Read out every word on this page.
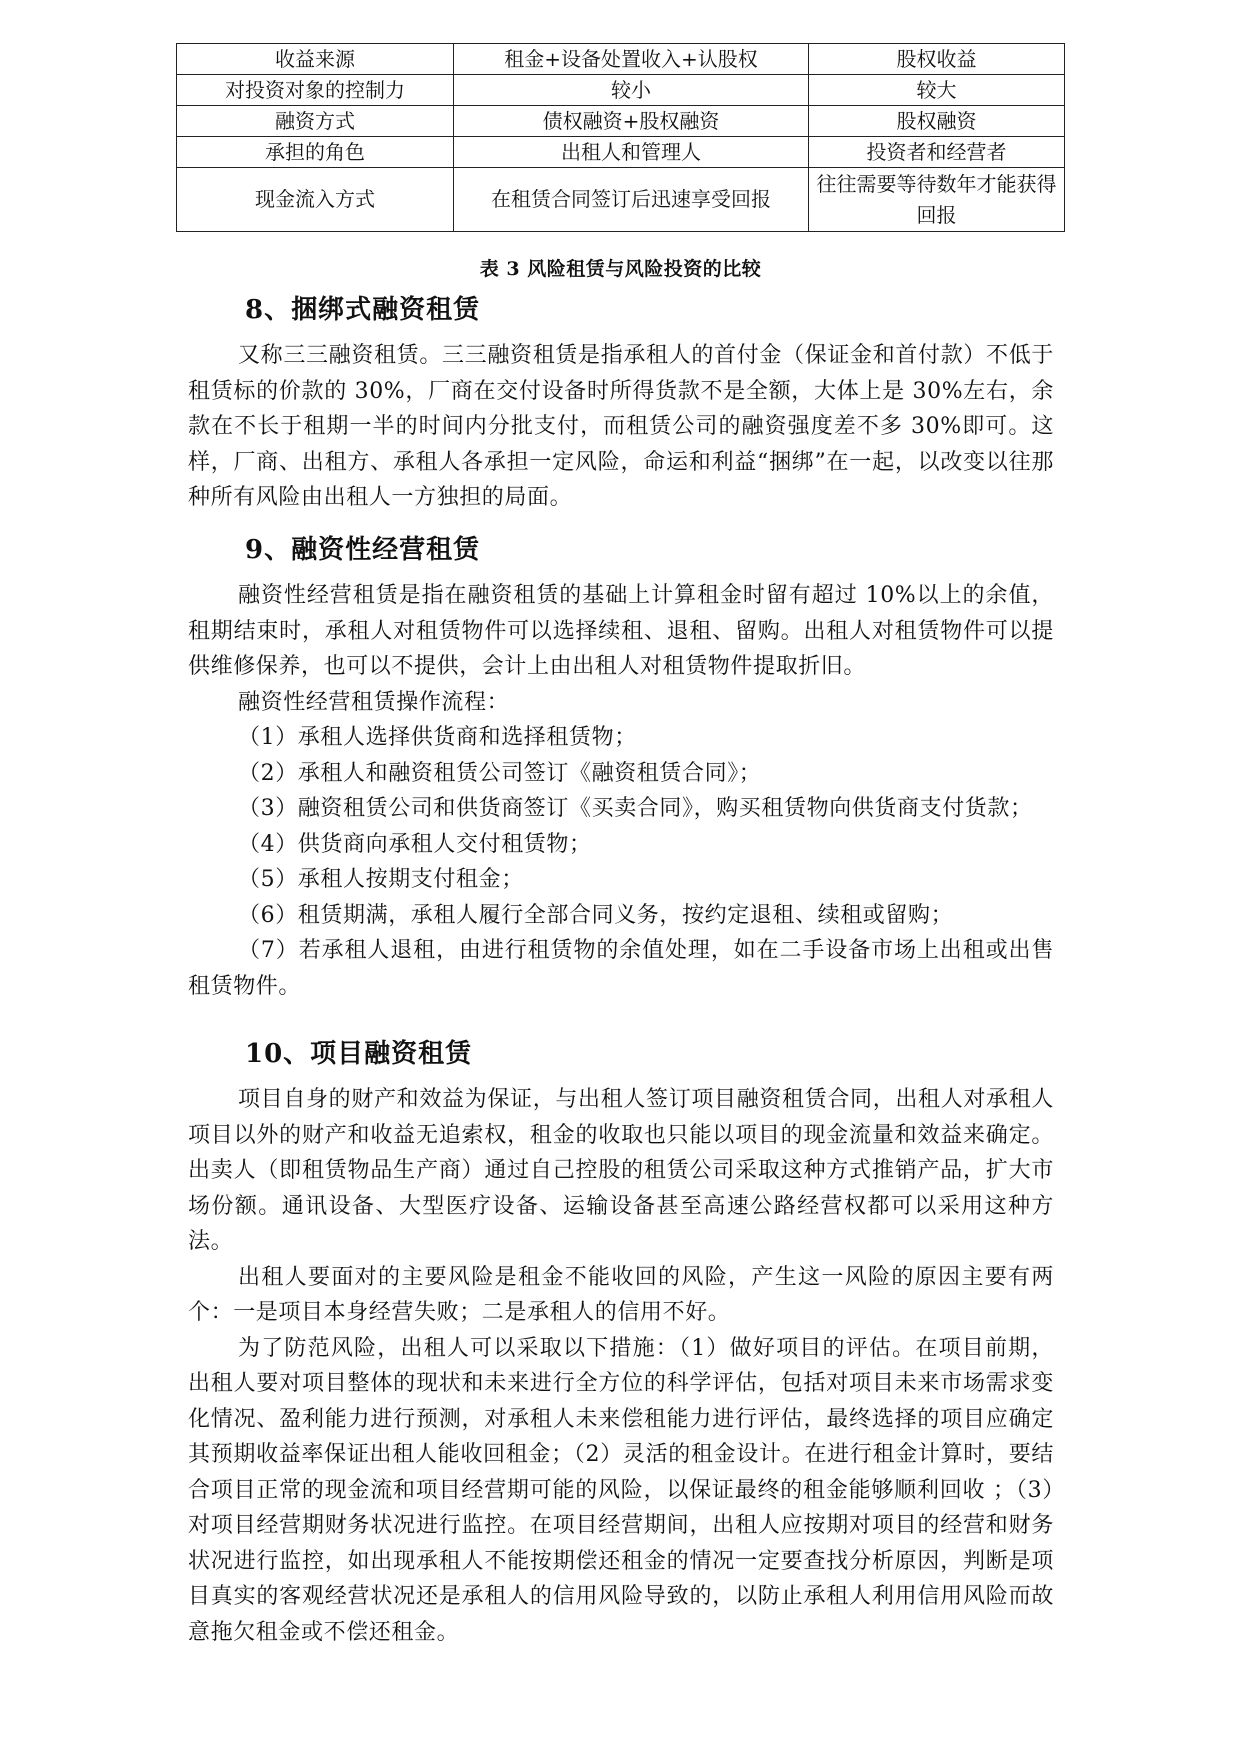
收益来源	租金+设备处置收入+认股权	股权收益
对投资对象的控制力	较小	较大
融资方式	债权融资+股权融资	股权融资
承担的角色	出租人和管理人	投资者和经营者
现金流入方式	在租赁合同签订后迅速享受回报	往往需要等待数年才能获得回报
表 3 风险租赁与风险投资的比较
8、捆绑式融资租赁

又称三三融资租赁。三三融资租赁是指承租人的首付金（保证金和首付款）不低于租赁标的价款的 30%，厂商在交付设备时所得货款不是全额，大体上是 30%左右，余款在不长于租期一半的时间内分批支付，而租赁公司的融资强度差不多 30%即可。这样，厂商、出租方、承租人各承担一定风险，命运和利益“捆绑”在一起，以改变以往那种所有风险由出租人一方独担的局面。

9、融资性经营租赁

融资性经营租赁是指在融资租赁的基础上计算租金时留有超过 10%以上的余值，租期结束时，承租人对租赁物件可以选择续租、退租、留购。出租人对租赁物件可以提供维修保养，也可以不提供，会计上由出租人对租赁物件提取折旧。

融资性经营租赁操作流程：

（1）承租人选择供货商和选择租赁物；

（2）承租人和融资租赁公司签订《融资租赁合同》；

（3）融资租赁公司和供货商签订《买卖合同》，购买租赁物向供货商支付货款；

（4）供货商向承租人交付租赁物；

（5）承租人按期支付租金；

（6）租赁期满，承租人履行全部合同义务，按约定退租、续租或留购；

（7）若承租人退租，由进行租赁物的余值处理，如在二手设备市场上出租或出售租赁物件。

10、项目融资租赁

项目自身的财产和效益为保证，与出租人签订项目融资租赁合同，出租人对承租人项目以外的财产和收益无追索权，租金的收取也只能以项目的现金流量和效益来确定。出卖人（即租赁物品生产商）通过自己控股的租赁公司采取这种方式推销产品，扩大市场份额。通讯设备、大型医疗设备、运输设备甚至高速公路经营权都可以采用这种方法。

出租人要面对的主要风险是租金不能收回的风险，产生这一风险的原因主要有两个：一是项目本身经营失败；二是承租人的信用不好。

为了防范风险，出租人可以采取以下措施：（1）做好项目的评估。在项目前期，出租人要对项目整体的现状和未来进行全方位的科学评估，包括对项目未来市场需求变化情况、盈利能力进行预测，对承租人未来偿租能力进行评估，最终选择的项目应确定其预期收益率保证出租人能收回租金；（2）灵活的租金设计。在进行租金计算时，要结合项目正常的现金流和项目经营期可能的风险，以保证最终的租金能够顺利回收 ；（3）对项目经营期财务状况进行监控。在项目经营期间，出租人应按期对项目的经营和财务状况进行监控，如出现承租人不能按期偿还租金的情况一定要查找分析原因，判断是项目真实的客观经营状况还是承租人的信用风险导致的，以防止承租人利用信用风险而故意拖欠租金或不偿还租金。
